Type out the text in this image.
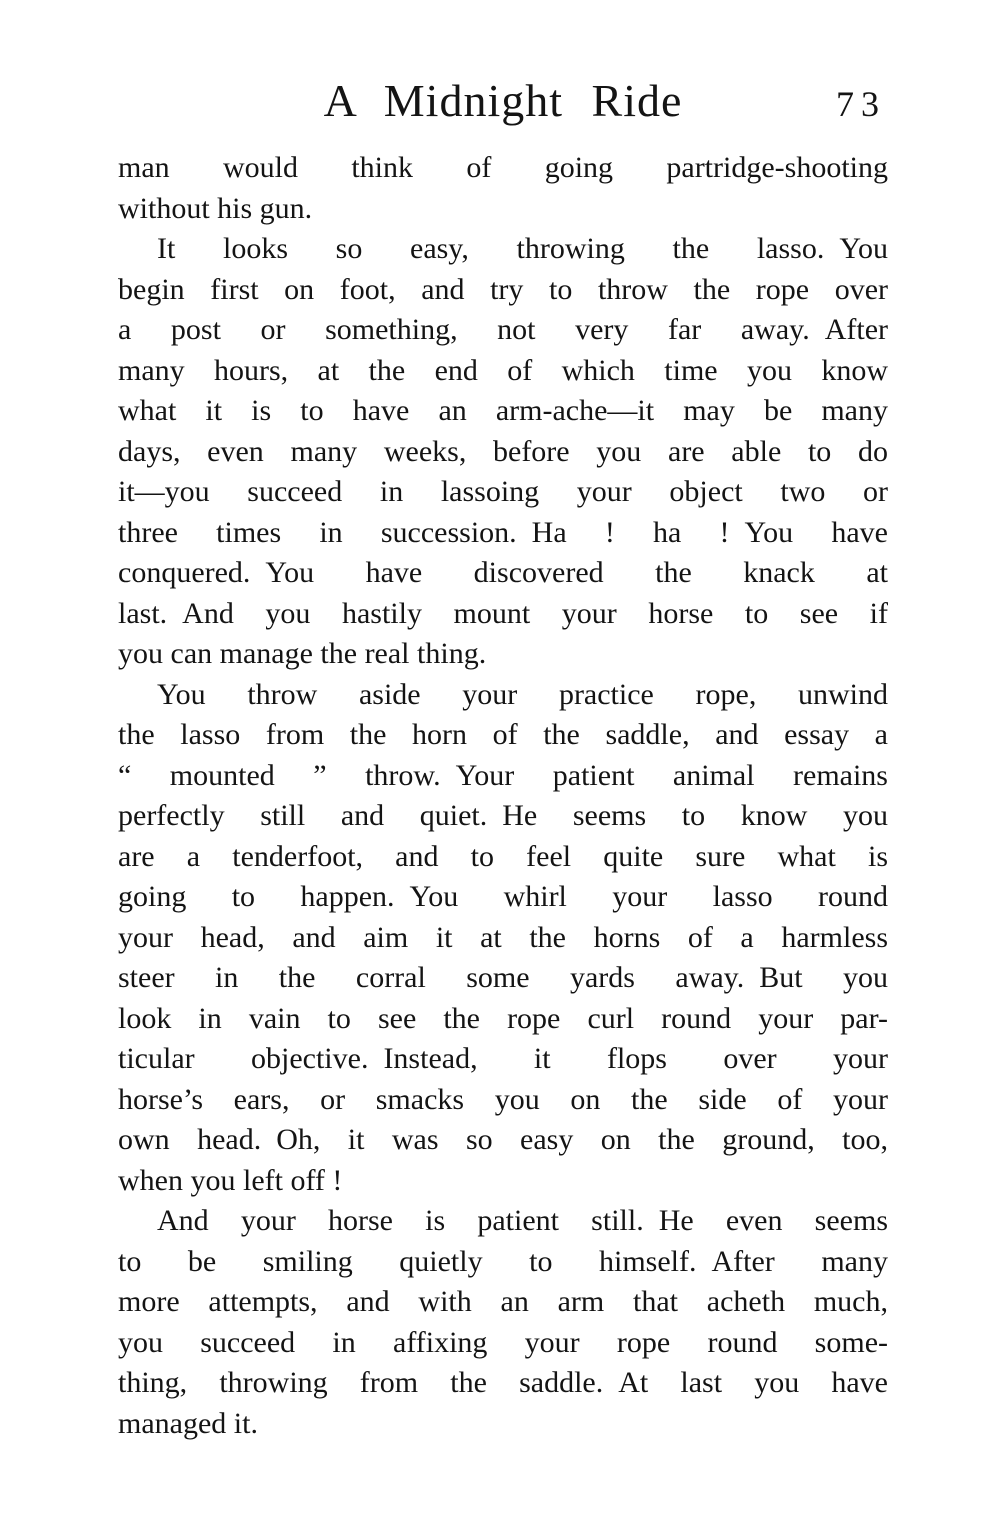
A Midnight Ride	73
man would think of going partridge-shooting
without his gun.
It looks so easy, throwing the lasso. You
begin first on foot, and try to throw the rope over
a post or something, not very far away. After
many hours, at the end of which time you know
what it is to have an arm-ache—it may be many
days, even many weeks, before you are able to do
it—you succeed in lassoing your object two or
three times in succession. Ha ! ha ! You have
conquered. You have discovered the knack at
last. And you hastily mount your horse to see if
you can manage the real thing.
You throw aside your practice rope, unwind
the lasso from the horn of the saddle, and essay a
“ mounted ” throw. Your patient animal remains
perfectly still and quiet. He seems to know you
are a tenderfoot, and to feel quite sure what is
going to happen. You whirl your lasso round
your head, and aim it at the horns of a harmless
steer in the corral some yards away. But you
look in vain to see the rope curl round your par-
ticular objective. Instead, it flops over your
horse’s ears, or smacks you on the side of your
own head. Oh, it was so easy on the ground, too,
when you left off !
And your horse is patient still. He even seems
to be smiling quietly to himself. After many
more attempts, and with an arm that acheth much,
you succeed in affixing your rope round some-
thing, throwing from the saddle. At last you have
managed it.
